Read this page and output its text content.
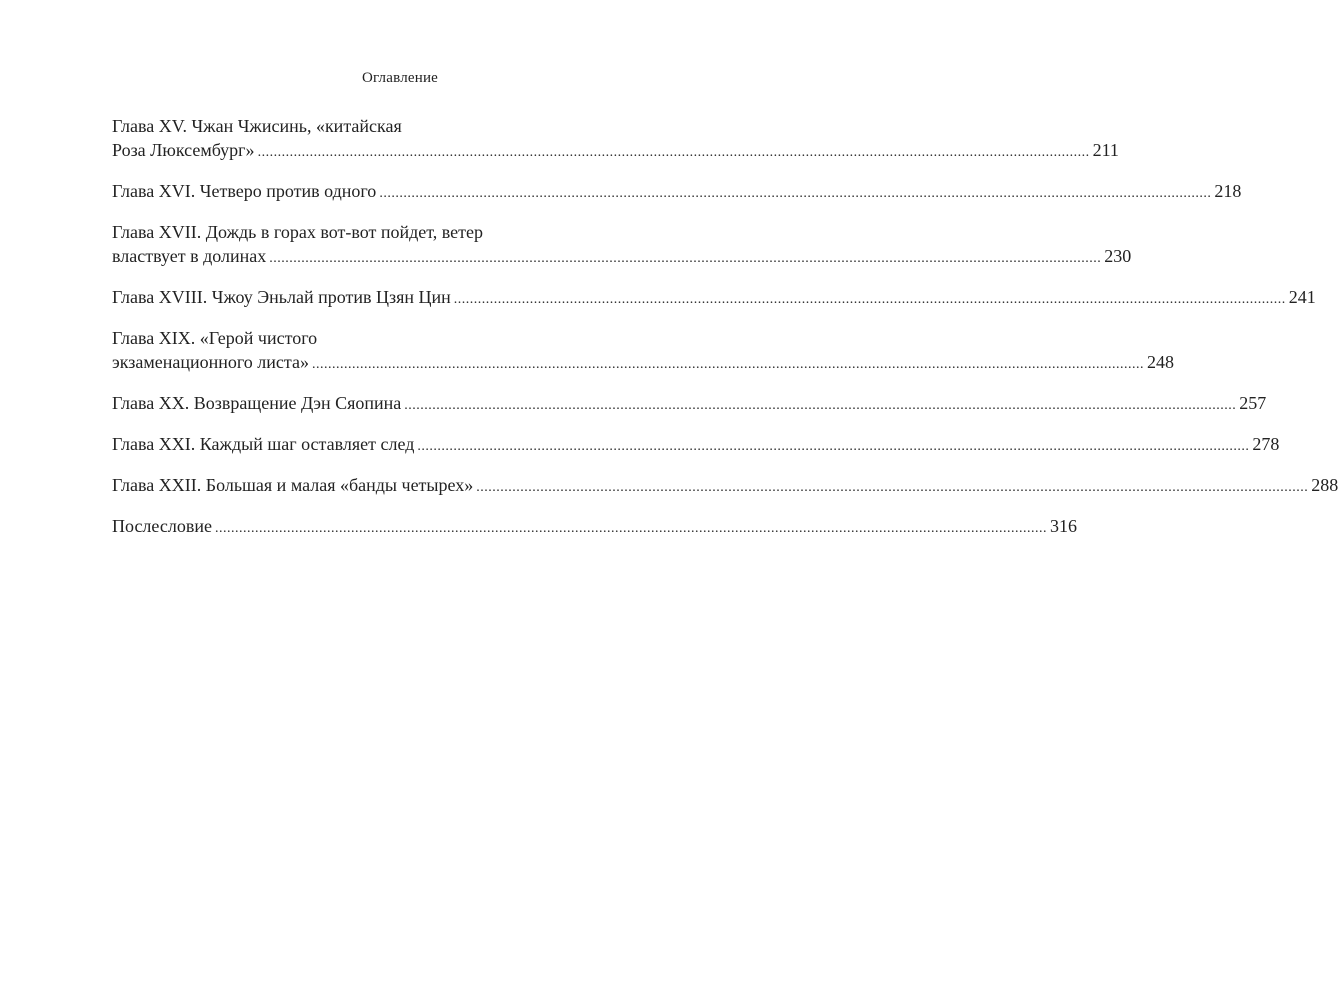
Оглавление
Глава XV. Чжан Чжисинь, «китайская
Роза Люксембург» .....	211
Глава XVI. Четверо против одного .....	218
Глава XVII. Дождь в горах вот-вот пойдет, ветер
властвует в долинах .....	230
Глава XVIII. Чжоу Эньлай против Цзян Цин .....	241
Глава XIX. «Герой чистого
экзаменационного листа» .....	248
Глава XX. Возвращение Дэн Сяопина .....	257
Глава XXI. Каждый шаг оставляет след .....	278
Глава XXII. Большая и малая «банды четырех» .....	288
Послесловие .....	316
